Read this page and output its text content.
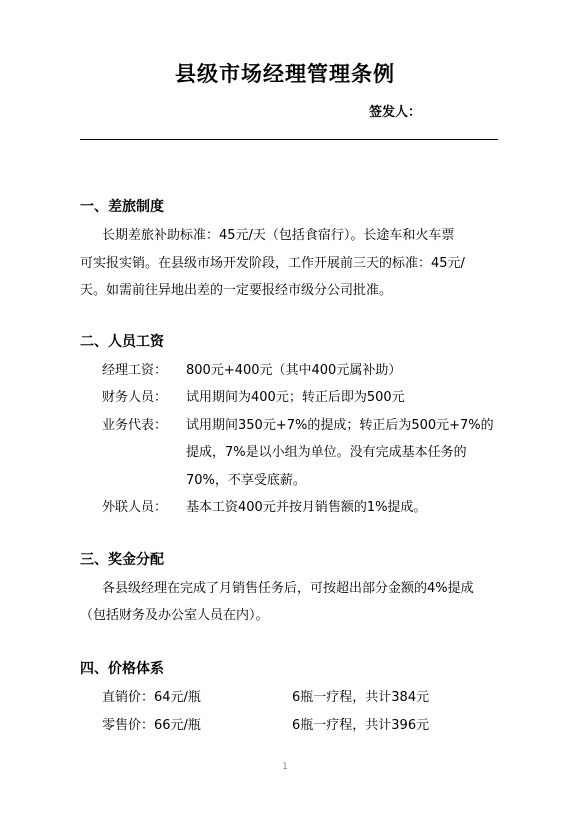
县级市场经理管理条例
签发人：
一、差旅制度
长期差旅补助标准：45元/天（包括食宿行）。长途车和火车票
可实报实销。在县级市场开发阶段，工作开展前三天的标准：45元/
天。如需前往异地出差的一定要报经市级分公司批准。
二、人员工资
经理工资： 800元+400元（其中400元属补助）
财务人员： 试用期间为400元；转正后即为500元
业务代表： 试用期间350元+7%的提成；转正后为500元+7%的
提成，7%是以小组为单位。没有完成基本任务的
70%，不享受底薪。
外联人员： 基本工资400元并按月销售额的1%提成。
三、奖金分配
各县级经理在完成了月销售任务后，可按超出部分金额的4%提成
（包括财务及办公室人员在内）。
四、价格体系
直销价：64元/瓶	6瓶一疗程，共计384元
零售价：66元/瓶	6瓶一疗程，共计396元
1
